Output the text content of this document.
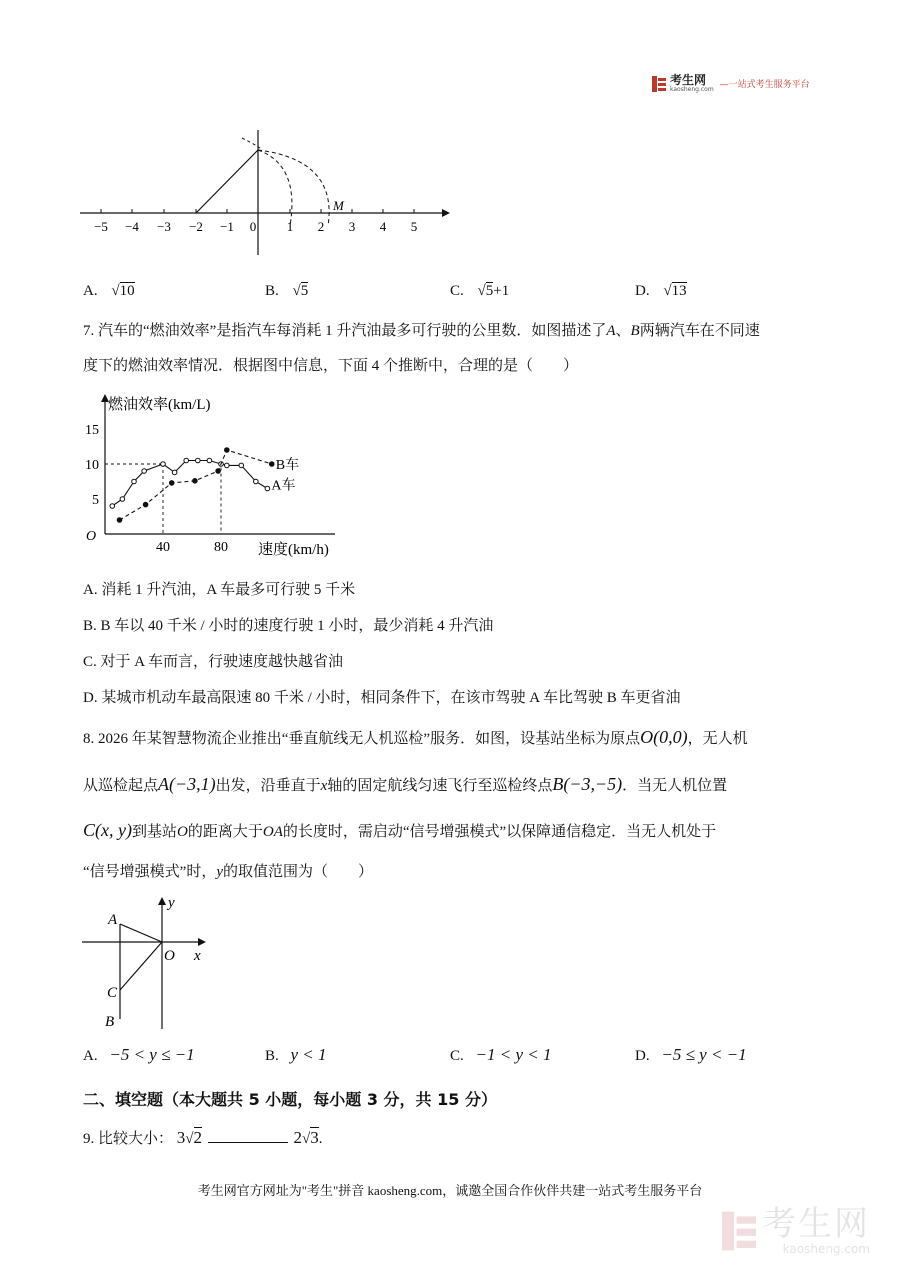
考生网
kaosheng.com —一站式考生服务平台
−5 −4 −3 −2 −1 0 1 2 3 4 5
M
A. √10	B. √5	C. √5+1	D. √13
7. 汽车的“燃油效率”是指汽车每消耗 1 升汽油最多可行驶的公里数．如图描述了A、B两辆汽车在不同速
度下的燃油效率情况．根据图中信息，下面 4 个推断中，合理的是（　　）
燃油效率(km/L)
速度(km/h)
O
5
10
15
40	80
A车
B车
A. 消耗 1 升汽油，A 车最多可行驶 5 千米
B. B 车以 40 千米 / 小时的速度行驶 1 小时，最少消耗 4 升汽油
C. 对于 A 车而言，行驶速度越快越省油
D. 某城市机动车最高限速 80 千米 / 小时，相同条件下，在该市驾驶 A 车比驾驶 B 车更省油
8. 2026 年某智慧物流企业推出“垂直航线无人机巡检”服务．如图，设基站坐标为原点O(0,0)，无人机
从巡检起点A(−3,1)出发，沿垂直于x轴的固定航线匀速飞行至巡检终点B(−3,−5)．当无人机位置
C(x, y)到基站O的距离大于OA的长度时，需启动“信号增强模式”以保障通信稳定．当无人机处于
“信号增强模式”时，y的取值范围为（　　）
A
C
B
O x
y
A. −5 < y ≤ −1	B. y < 1	C. −1 < y < 1	D. −5 ≤ y < −1
二、填空题（本大题共 5 小题，每小题 3 分，共 15 分）
9. 比较大小： 3√2	2√3.
考生网官方网址为"考生"拼音 kaosheng.com，诚邀全国合作伙伴共建一站式考生服务平台
考生网
kaosheng.com
